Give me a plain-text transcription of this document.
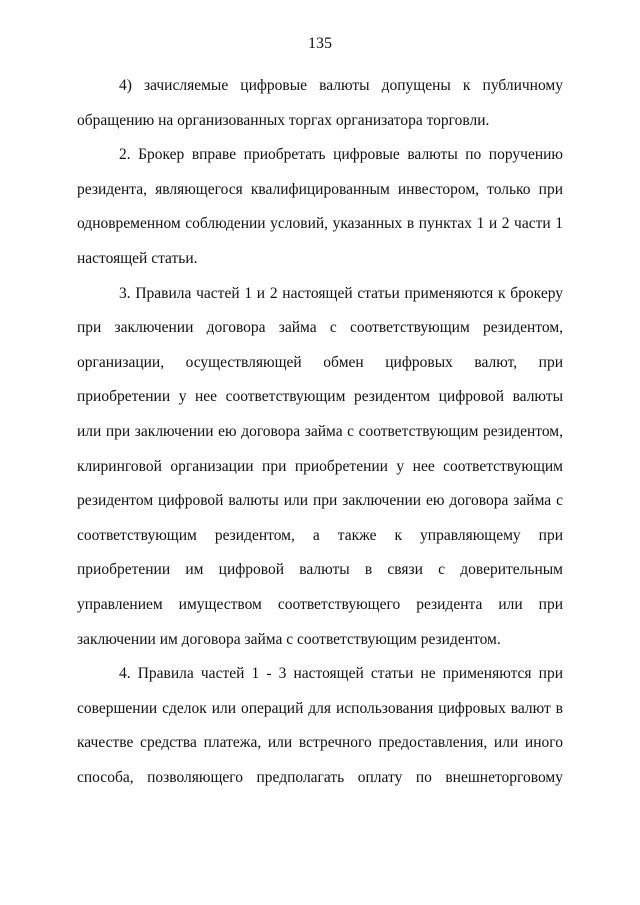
135

4) зачисляемые цифровые валюты допущены к публичному обращению на организованных торгах организатора торговли.

2. Брокер вправе приобретать цифровые валюты по поручению резидента, являющегося квалифицированным инвестором, только при одновременном соблюдении условий, указанных в пунктах 1 и 2 части 1 настоящей статьи.

3. Правила частей 1 и 2 настоящей статьи применяются к брокеру при заключении договора займа с соответствующим резидентом, организации, осуществляющей обмен цифровых валют, при приобретении у нее соответствующим резидентом цифровой валюты или при заключении ею договора займа с соответствующим резидентом, клиринговой организации при приобретении у нее соответствующим резидентом цифровой валюты или при заключении ею договора займа с соответствующим резидентом, а также к управляющему при приобретении им цифровой валюты в связи с доверительным управлением имуществом соответствующего резидента или при заключении им договора займа с соответствующим резидентом.

4. Правила частей 1 - 3 настоящей статьи не применяются при совершении сделок или операций для использования цифровых валют в качестве средства платежа, или встречного предоставления, или иного способа, позволяющего предполагать оплату по внешнеторговому
